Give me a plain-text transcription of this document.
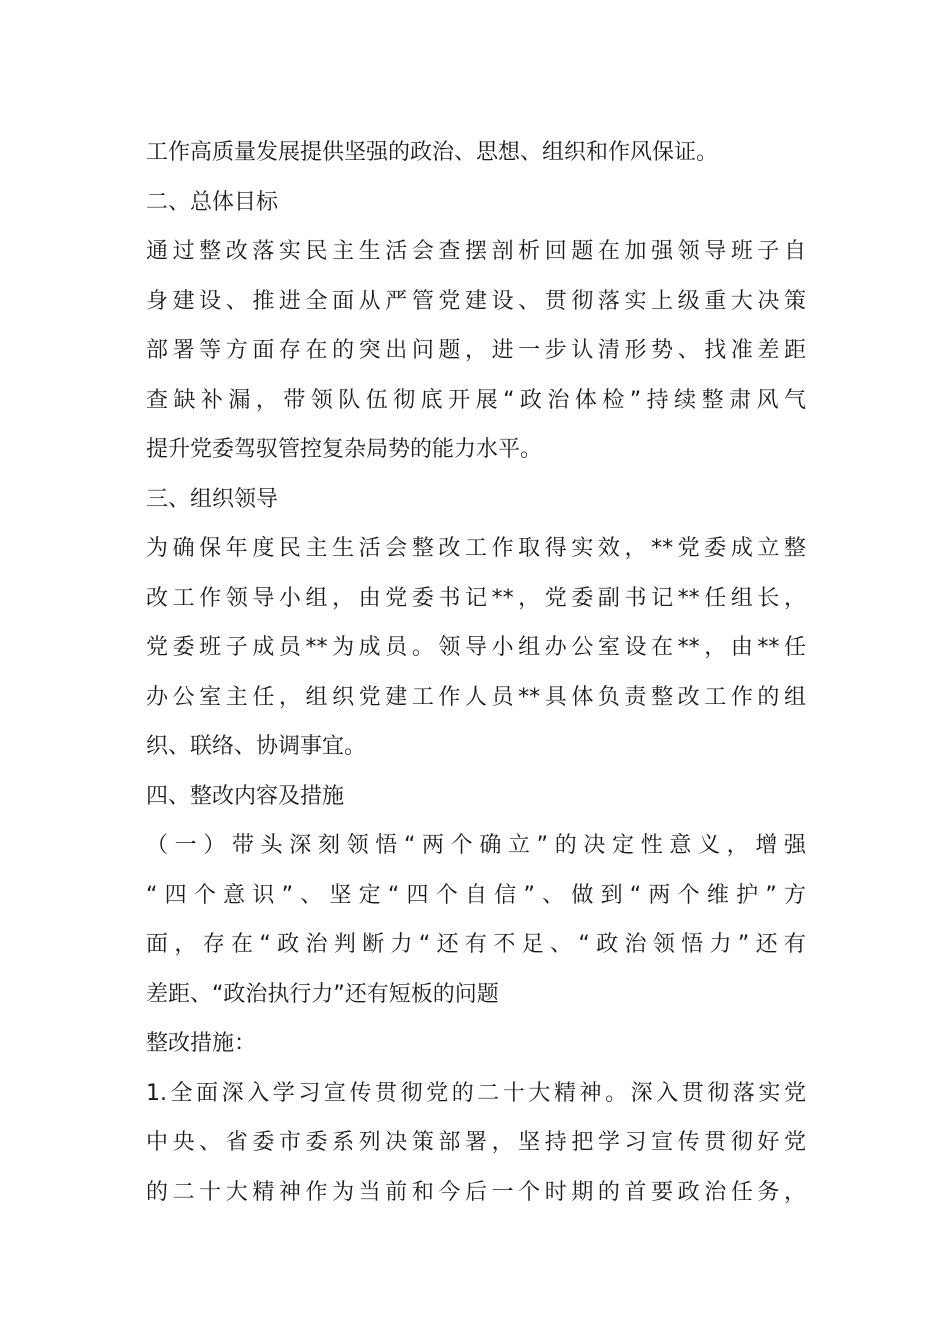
工作高质量发展提供坚强的政治、思想、组织和作风保证。
二、总体目标
通过整改落实民主生活会查摆剖析回题在加强领导班子自
身建设、推进全面从严管党建设、贯彻落实上级重大决策
部署等方面存在的突出问题，进一步认清形势、找准差距
查缺补漏，带领队伍彻底开展“政治体检”持续整肃风气
提升党委驾驭管控复杂局势的能力水平。
三、组织领导
为确保年度民主生活会整改工作取得实效，**党委成立整
改工作领导小组，由党委书记**，党委副书记**任组长，
党委班子成员**为成员。领导小组办公室设在**，由**任
办公室主任，组织党建工作人员**具体负责整改工作的组
织、联络、协调事宜。
四、整改内容及措施
（一）带头深刻领悟“两个确立”的决定性意义，增强
“四个意识”、坚定“四个自信”、做到“两个维护”方
面，存在“政治判断力“还有不足、“政治领悟力”还有
差距、“政治执行力”还有短板的问题
整改措施：
1.全面深入学习宣传贯彻党的二十大精神。深入贯彻落实党
中央、省委市委系列决策部署，坚持把学习宣传贯彻好党
的二十大精神作为当前和今后一个时期的首要政治任务，
